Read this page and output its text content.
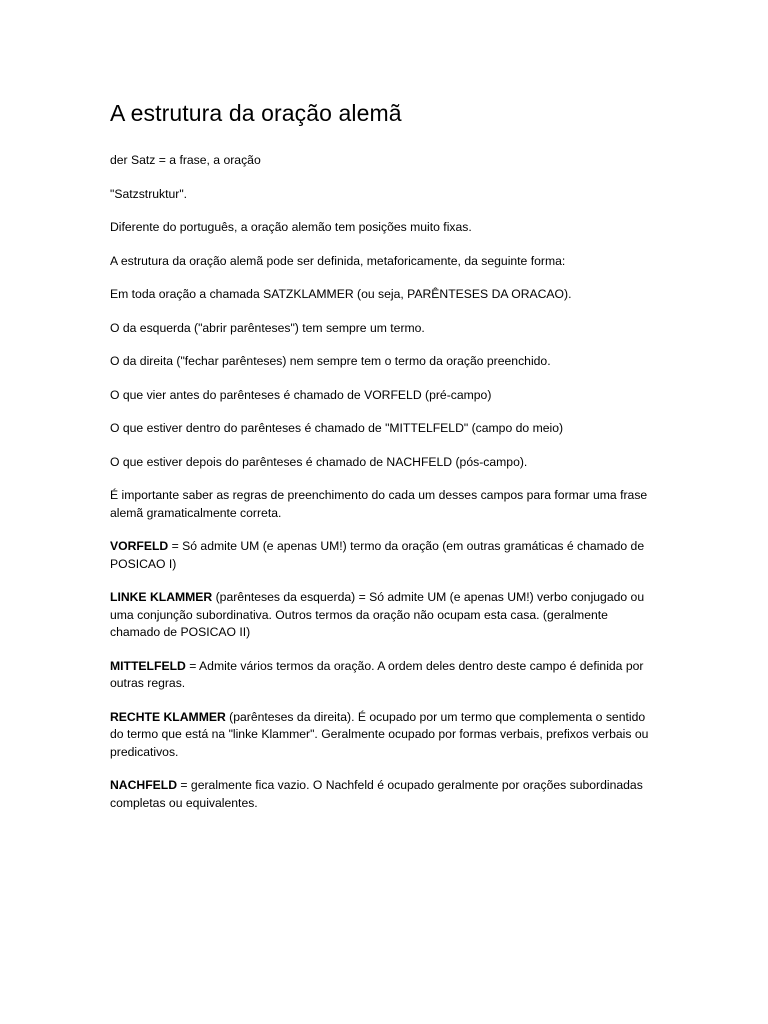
A estrutura da oração alemã

der Satz = a frase, a oração

"Satzstruktur".

Diferente do português, a oração alemão tem posições muito fixas.

A estrutura da oração alemã pode ser definida, metaforicamente, da seguinte forma:

Em toda oração a chamada SATZKLAMMER (ou seja, PARÊNTESES DA ORACAO).

O da esquerda ("abrir parênteses") tem sempre um termo.

O da direita ("fechar parênteses) nem sempre tem o termo da oração preenchido.

O que vier antes do parênteses é chamado de VORFELD (pré-campo)

O que estiver dentro do parênteses é chamado de "MITTELFELD" (campo do meio)

O que estiver depois do parênteses é chamado de NACHFELD (pós-campo).

É importante saber as regras de preenchimento do cada um desses campos para formar uma frase alemã gramaticalmente correta.

VORFELD = Só admite UM (e apenas UM!) termo da oração (em outras gramáticas é chamado de POSICAO I)

LINKE KLAMMER (parênteses da esquerda) = Só admite UM (e apenas UM!) verbo conjugado ou uma conjunção subordinativa. Outros termos da oração não ocupam esta casa. (geralmente chamado de POSICAO II)

MITTELFELD = Admite vários termos da oração. A ordem deles dentro deste campo é definida por outras regras.

RECHTE KLAMMER (parênteses da direita). É ocupado por um termo que complementa o sentido do termo que está na "linke Klammer". Geralmente ocupado por formas verbais, prefixos verbais ou predicativos.

NACHFELD = geralmente fica vazio. O Nachfeld é ocupado geralmente por orações subordinadas completas ou equivalentes.
